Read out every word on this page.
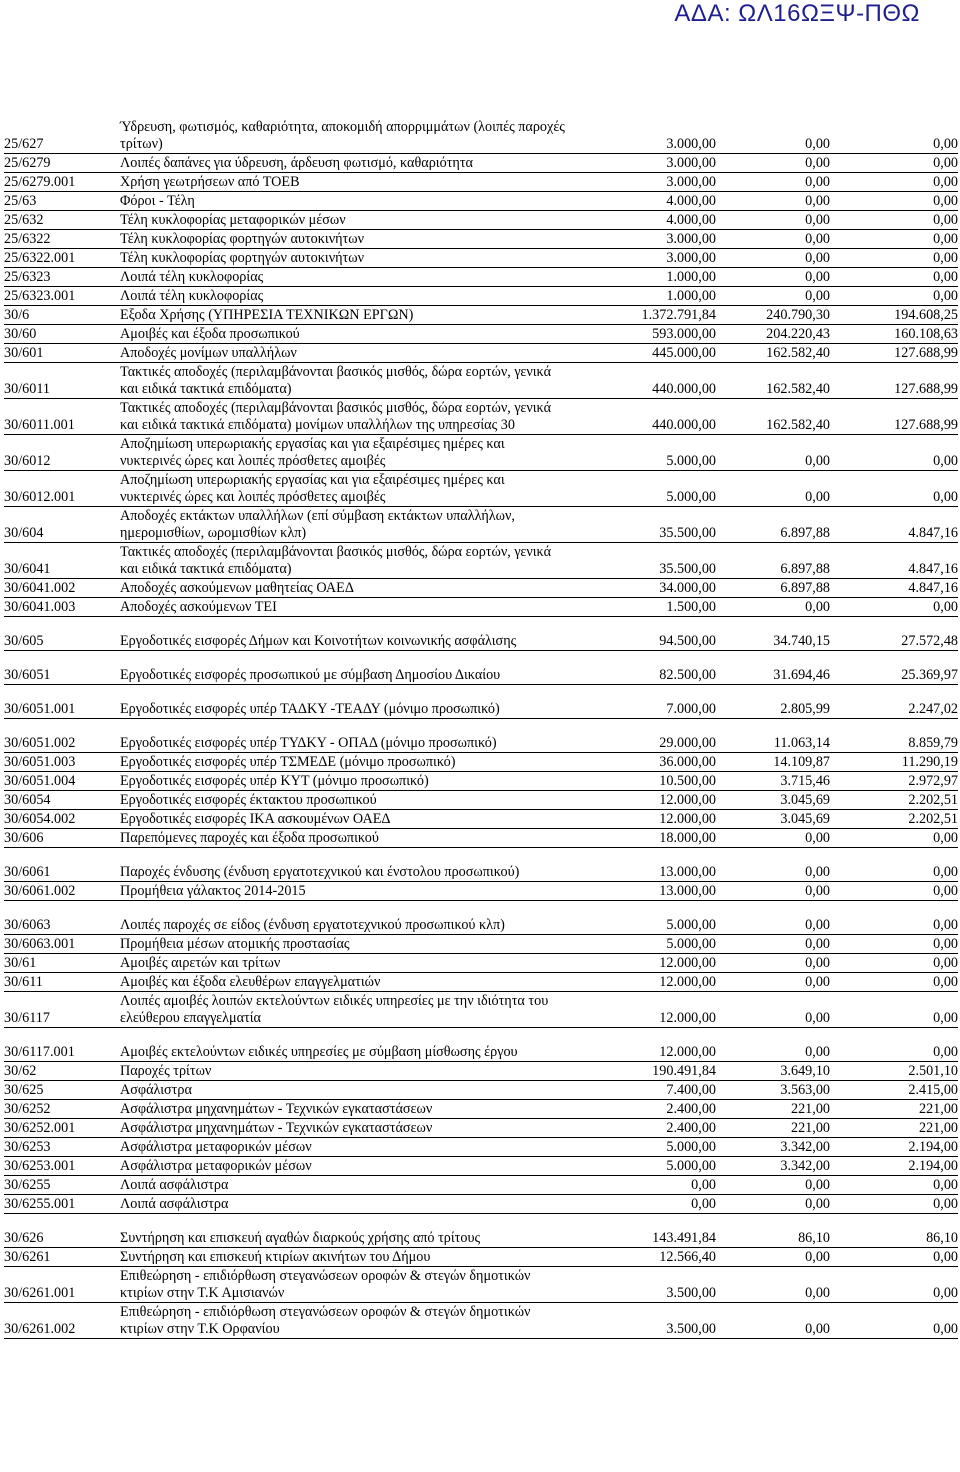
ΑΔΑ: ΩΛ16ΩΞΨ-ΠΘΩ
25/627	Ύδρευση, φωτισμός, καθαριότητα, αποκομιδή απορριμμάτων (λοιπές παροχές τρίτων)	3.000,00	0,00	0,00
25/6279	Λοιπές δαπάνες για ύδρευση, άρδευση φωτισμό, καθαριότητα	3.000,00	0,00	0,00
25/6279.001	Χρήση γεωτρήσεων από ΤΟΕΒ	3.000,00	0,00	0,00
25/63	Φόροι - Τέλη	4.000,00	0,00	0,00
25/632	Τέλη κυκλοφορίας μεταφορικών μέσων	4.000,00	0,00	0,00
25/6322	Τέλη κυκλοφορίας φορτηγών αυτοκινήτων	3.000,00	0,00	0,00
25/6322.001	Τέλη κυκλοφορίας φορτηγών αυτοκινήτων	3.000,00	0,00	0,00
25/6323	Λοιπά τέλη κυκλοφορίας	1.000,00	0,00	0,00
25/6323.001	Λοιπά τέλη κυκλοφορίας	1.000,00	0,00	0,00
30/6	Εξοδα Χρήσης (ΥΠΗΡΕΣΙΑ ΤΕΧΝΙΚΩΝ ΕΡΓΩΝ)	1.372.791,84	240.790,30	194.608,25
30/60	Αμοιβές και έξοδα προσωπικού	593.000,00	204.220,43	160.108,63
30/601	Αποδοχές μονίμων υπαλλήλων	445.000,00	162.582,40	127.688,99
30/6011	Τακτικές αποδοχές (περιλαμβάνονται βασικός μισθός, δώρα εορτών, γενικά και ειδικά τακτικά επιδόματα)	440.000,00	162.582,40	127.688,99
30/6011.001	Τακτικές αποδοχές (περιλαμβάνονται βασικός μισθός, δώρα εορτών, γενικά και ειδικά τακτικά επιδόματα) μονίμων υπαλλήλων της υπηρεσίας 30	440.000,00	162.582,40	127.688,99
30/6012	Αποζημίωση υπερωριακής εργασίας και για εξαιρέσιμες ημέρες και νυκτερινές ώρες και λοιπές πρόσθετες αμοιβές	5.000,00	0,00	0,00
30/6012.001	Αποζημίωση υπερωριακής εργασίας και για εξαιρέσιμες ημέρες και νυκτερινές ώρες και λοιπές πρόσθετες αμοιβές	5.000,00	0,00	0,00
30/604	Αποδοχές εκτάκτων υπαλλήλων (επί σύμβαση εκτάκτων υπαλλήλων, ημερομισθίων, ωρομισθίων κλπ)	35.500,00	6.897,88	4.847,16
30/6041	Τακτικές αποδοχές (περιλαμβάνονται βασικός μισθός, δώρα εορτών, γενικά και ειδικά τακτικά επιδόματα)	35.500,00	6.897,88	4.847,16
30/6041.002	Αποδοχές ασκούμενων μαθητείας ΟΑΕΔ	34.000,00	6.897,88	4.847,16
30/6041.003	Αποδοχές ασκούμενων ΤΕΙ	1.500,00	0,00	0,00
30/605	Εργοδοτικές εισφορές Δήμων και Κοινοτήτων κοινωνικής ασφάλισης	94.500,00	34.740,15	27.572,48
30/6051	Εργοδοτικές εισφορές προσωπικού με σύμβαση Δημοσίου Δικαίου	82.500,00	31.694,46	25.369,97
30/6051.001	Εργοδοτικές εισφορές υπέρ ΤΑΔΚΥ -ΤΕΑΔΥ (μόνιμο προσωπικό)	7.000,00	2.805,99	2.247,02
30/6051.002	Εργοδοτικές εισφορές υπέρ ΤΥΔΚΥ - ΟΠΑΔ (μόνιμο προσωπικό)	29.000,00	11.063,14	8.859,79
30/6051.003	Εργοδοτικές εισφορές υπέρ ΤΣΜΕΔΕ (μόνιμο προσωπικό)	36.000,00	14.109,87	11.290,19
30/6051.004	Εργοδοτικές εισφορές υπέρ ΚΥΤ (μόνιμο προσωπικό)	10.500,00	3.715,46	2.972,97
30/6054	Εργοδοτικές εισφορές έκτακτου προσωπικού	12.000,00	3.045,69	2.202,51
30/6054.002	Εργοδοτικές εισφορές ΙΚΑ ασκουμένων ΟΑΕΔ	12.000,00	3.045,69	2.202,51
30/606	Παρεπόμενες παροχές και έξοδα προσωπικού	18.000,00	0,00	0,00
30/6061	Παροχές ένδυσης (ένδυση εργατοτεχνικού και ένστολου προσωπικού)	13.000,00	0,00	0,00
30/6061.002	Προμήθεια γάλακτος 2014-2015	13.000,00	0,00	0,00
30/6063	Λοιπές παροχές σε είδος (ένδυση εργατοτεχνικού προσωπικού κλπ)	5.000,00	0,00	0,00
30/6063.001	Προμήθεια μέσων ατομικής προστασίας	5.000,00	0,00	0,00
30/61	Αμοιβές αιρετών και τρίτων	12.000,00	0,00	0,00
30/611	Αμοιβές και έξοδα ελευθέρων επαγγελματιών	12.000,00	0,00	0,00
30/6117	Λοιπές αμοιβές λοιπών εκτελούντων ειδικές υπηρεσίες με την ιδιότητα του ελεύθερου επαγγελματία	12.000,00	0,00	0,00
30/6117.001	Αμοιβές εκτελούντων ειδικές υπηρεσίες με σύμβαση μίσθωσης έργου	12.000,00	0,00	0,00
30/62	Παροχές τρίτων	190.491,84	3.649,10	2.501,10
30/625	Ασφάλιστρα	7.400,00	3.563,00	2.415,00
30/6252	Ασφάλιστρα μηχανημάτων - Τεχνικών εγκαταστάσεων	2.400,00	221,00	221,00
30/6252.001	Ασφάλιστρα μηχανημάτων - Τεχνικών εγκαταστάσεων	2.400,00	221,00	221,00
30/6253	Ασφάλιστρα μεταφορικών μέσων	5.000,00	3.342,00	2.194,00
30/6253.001	Ασφάλιστρα μεταφορικών μέσων	5.000,00	3.342,00	2.194,00
30/6255	Λοιπά ασφάλιστρα	0,00	0,00	0,00
30/6255.001	Λοιπά ασφάλιστρα	0,00	0,00	0,00
30/626	Συντήρηση και επισκευή αγαθών διαρκούς χρήσης από τρίτους	143.491,84	86,10	86,10
30/6261	Συντήρηση και επισκευή κτιρίων ακινήτων του Δήμου	12.566,40	0,00	0,00
30/6261.001	Επιθεώρηση - επιδιόρθωση στεγανώσεων οροφών & στεγών δημοτικών κτιρίων στην Τ.Κ Αμισιανών	3.500,00	0,00	0,00
30/6261.002	Επιθεώρηση - επιδιόρθωση στεγανώσεων οροφών & στεγών δημοτικών κτιρίων στην Τ.Κ Ορφανίου	3.500,00	0,00	0,00
